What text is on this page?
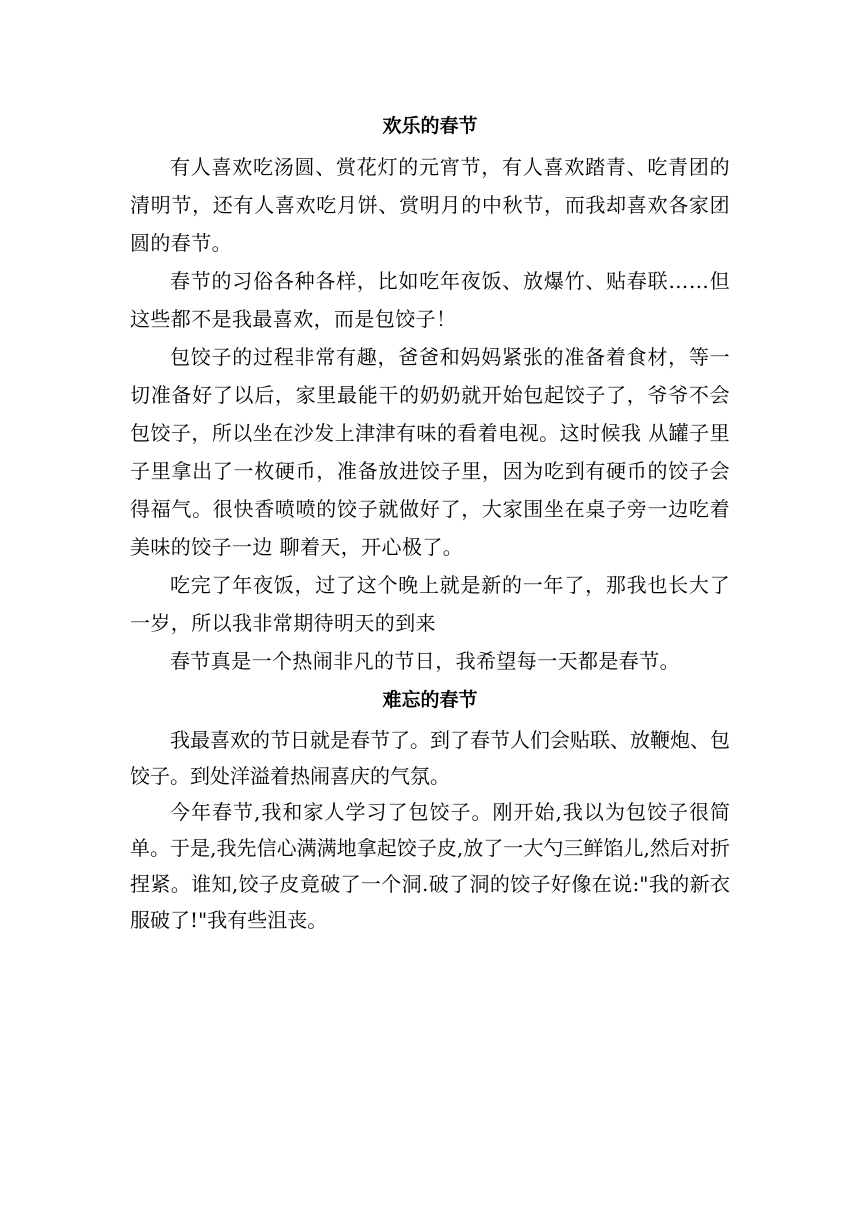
欢乐的春节

有人喜欢吃汤圆、赏花灯的元宵节，有人喜欢踏青、吃青团的清明节，还有人喜欢吃月饼、赏明月的中秋节，而我却喜欢各家团圆的春节。

春节的习俗各种各样，比如吃年夜饭、放爆竹、贴春联……但这些都不是我最喜欢，而是包饺子！

包饺子的过程非常有趣，爸爸和妈妈紧张的准备着食材，等一切准备好了以后，家里最能干的奶奶就开始包起饺子了，爷爷不会包饺子，所以坐在沙发上津津有味的看着电视。这时候我 从罐子里子里拿出了一枚硬币，准备放进饺子里，因为吃到有硬币的饺子会得福气。很快香喷喷的饺子就做好了，大家围坐在桌子旁一边吃着美味的饺子一边 聊着天，开心极了。

吃完了年夜饭，过了这个晚上就是新的一年了，那我也长大了一岁，所以我非常期待明天的到来

春节真是一个热闹非凡的节日，我希望每一天都是春节。

难忘的春节

我最喜欢的节日就是春节了。到了春节人们会贴联、放鞭炮、包饺子。到处洋溢着热闹喜庆的气氛。

今年春节,我和家人学习了包饺子。刚开始,我以为包饺子很简单。于是,我先信心满满地拿起饺子皮,放了一大勺三鲜馅儿,然后对折捏紧。谁知,饺子皮竟破了一个洞.破了洞的饺子好像在说:"我的新衣服破了!"我有些沮丧。
